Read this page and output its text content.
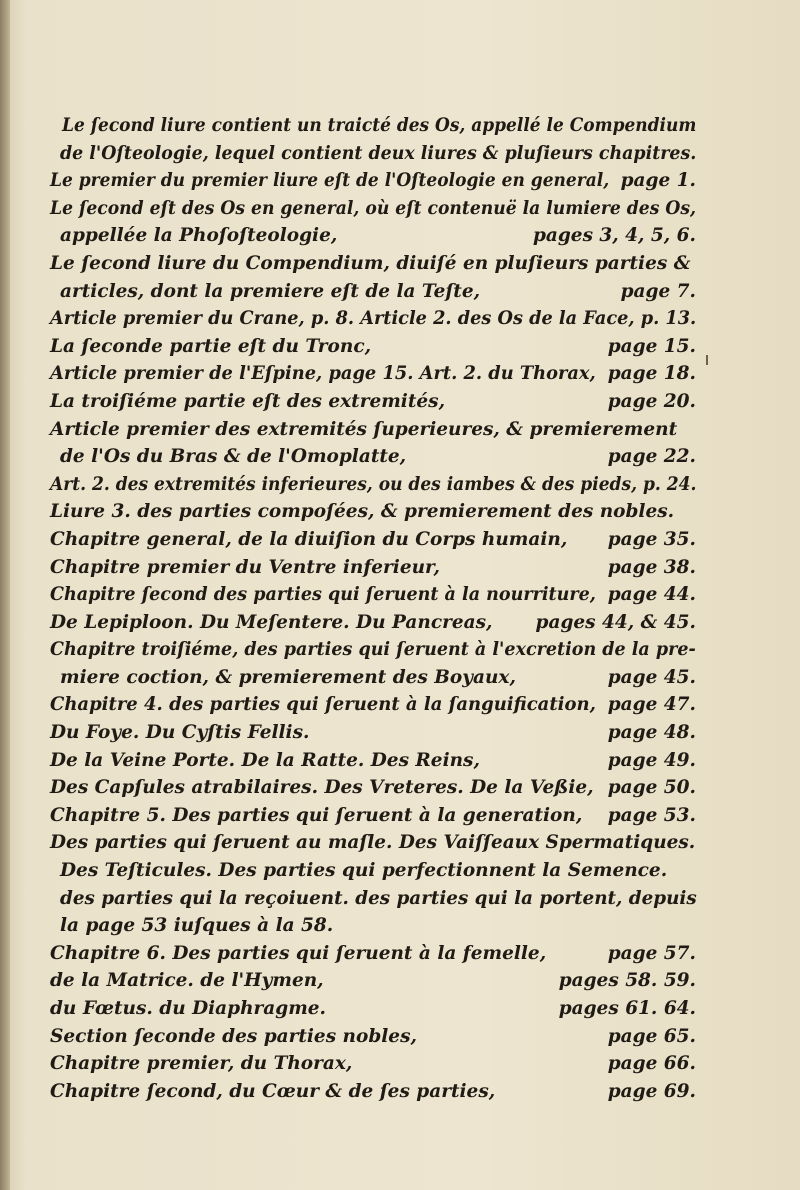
Le ſecond liure contient un traicté des Os, appellé le Compendium
de l'Oſteologie, lequel contient deux liures & pluſieurs chapitres.
Le premier du premier liure eſt de l'Oſteologie en general, page 1.
Le ſecond eſt des Os en general, où eſt contenuë la lumiere des Os,
appellée la Phoſoſteologie,	pages 3, 4, 5, 6.
Le ſecond liure du Compendium, diuiſé en pluſieurs parties &
articles, dont la premiere eſt de la Teſte,	page 7.
Article premier du Crane, p. 8. Article 2. des Os de la Face, p. 13.
La ſeconde partie eſt du Tronc,	page 15.
Article premier de l'Eſpine, page 15. Art. 2. du Thorax, page 18.
La troiſiéme partie eſt des extremités,	page 20.
Article premier des extremités ſuperieures, & premierement
de l'Os du Bras & de l'Omoplatte,	page 22.
Art. 2. des extremités inferieures, ou des iambes & des pieds, p. 24.
Liure 3. des parties compoſées, & premierement des nobles.
Chapitre general, de la diuiſion du Corps humain, page 35.
Chapitre premier du Ventre inferieur,	page 38.
Chapitre ſecond des parties qui ſeruent à la nourriture, page 44.
De Lepiploon. Du Meſentere. Du Pancreas, pages 44, & 45.
Chapitre troiſiéme, des parties qui ſeruent à l'excretion de la pre-
miere coction, & premierement des Boyaux,	page 45.
Chapitre 4. des parties qui ſeruent à la ſanguification, page 47.
Du Foye. Du Cyſtis Fellis.	page 48.
De la Veine Porte. De la Ratte. Des Reins,	page 49.
Des Capſules atrabilaires. Des Vreteres. De la Veßie, page 50.
Chapitre 5. Des parties qui ſeruent à la generation, page 53.
Des parties qui ſeruent au maſle. Des Vaiſſeaux Spermatiques.
Des Teſticules. Des parties qui perfectionnent la Semence.
des parties qui la reçoiuent. des parties qui la portent, depuis
la page 53 iuſques à la 58.
Chapitre 6. Des parties qui ſeruent à la femelle,	page 57.
de la Matrice. de l'Hymen,	pages 58. 59.
du Fœtus. du Diaphragme.	pages 61. 64.
Section ſeconde des parties nobles,	page 65.
Chapitre premier, du Thorax,	page 66.
Chapitre ſecond, du Cœur & de ſes parties,	page 69.
